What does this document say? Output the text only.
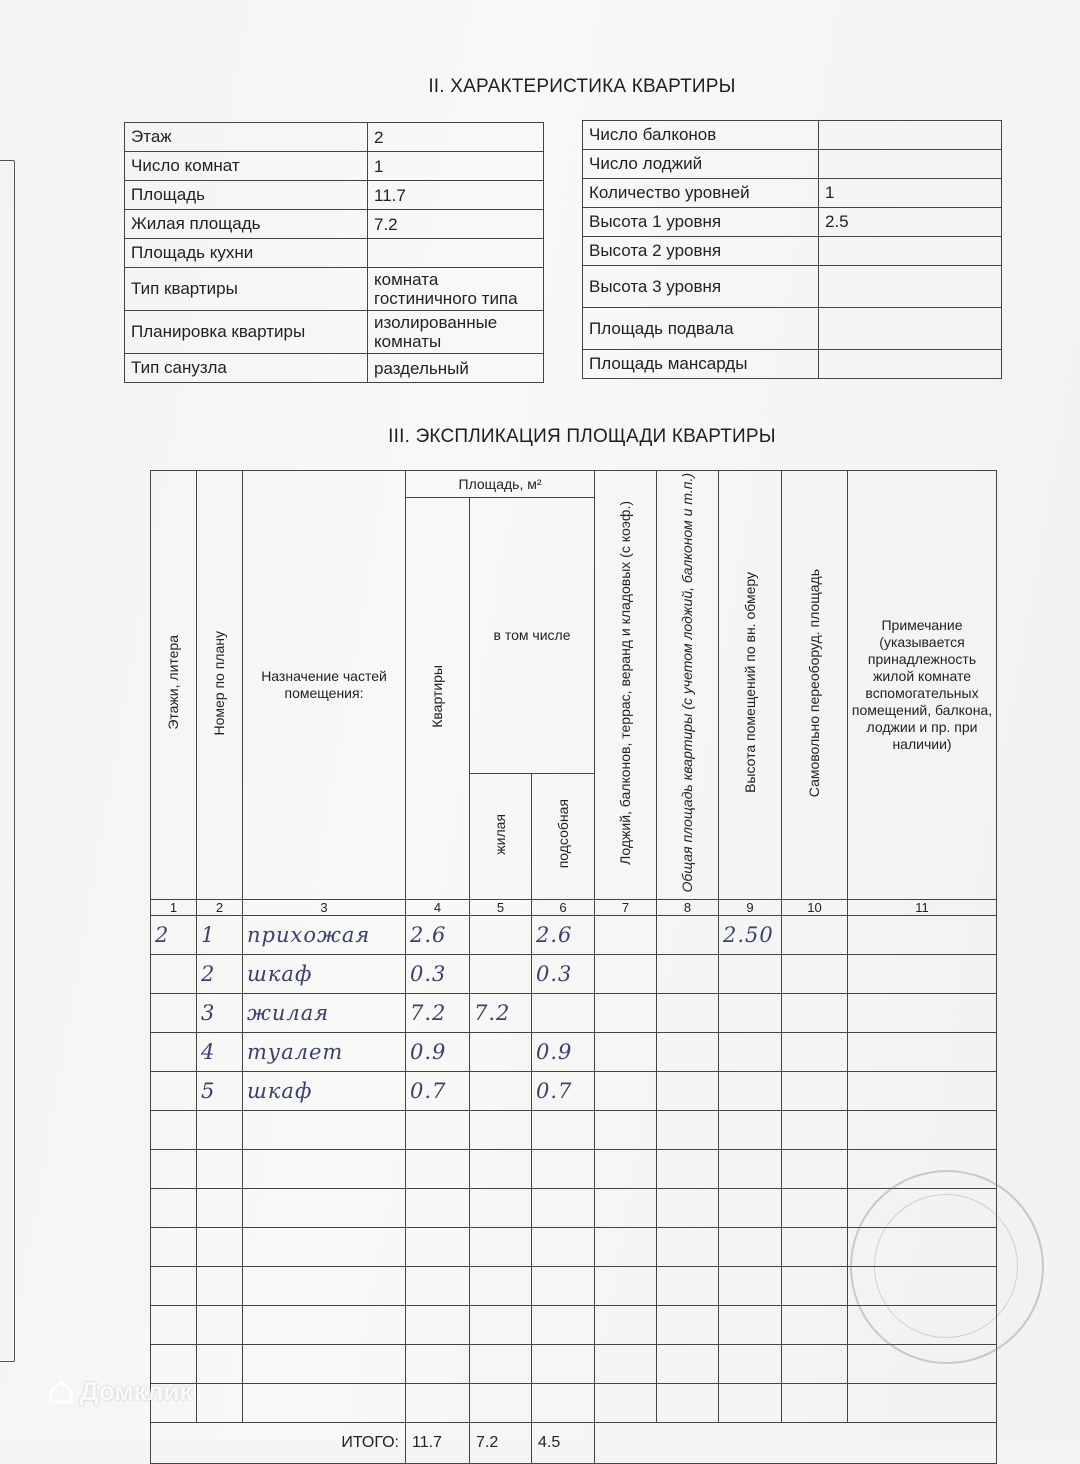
II. ХАРАКТЕРИСТИКА КВАРТИРЫ
Этаж	2
Число комнат	1
Площадь	11.7
Жилая площадь	7.2
Площадь кухни	
Тип квартиры	комната гостиничного типа
Планировка квартиры	изолированные комнаты
Тип санузла	раздельный
Число балконов	
Число лоджий	
Количество уровней	1
Высота 1 уровня	2.5
Высота 2 уровня	
Высота 3 уровня	
Площадь подвала	
Площадь мансарды	
III. ЭКСПЛИКАЦИЯ ПЛОЩАДИ КВАРТИРЫ
Этажи, литера	Номер по плану	Назначение частей помещения:	Площадь, м²			Лоджий, балконов, террас, веранд и кладовых (с коэф.)	Общая площадь квартиры (с учетом лоджий, балконом и т.п.)	Высота помещений по вн. обмеру	Самовольно переоборуд. площадь	Примечание (указывается принадлежность жилой комнате вспомогательных помещений, балкона, лоджии и пр. при наличии)
			Квартиры	в том числе						
				жилая	подсобная					
1	2	3	4	5	6	7	8	9	10	11
2	1	прихожая	2.6		2.6			2.50		
	2	шкаф	0.3		0.3					
	3	жилая	7.2	7.2						
	4	туалет	0.9		0.9					
	5	шкаф	0.7		0.7					

ИТОГО:			11.7	7.2	4.5					
Домклик
